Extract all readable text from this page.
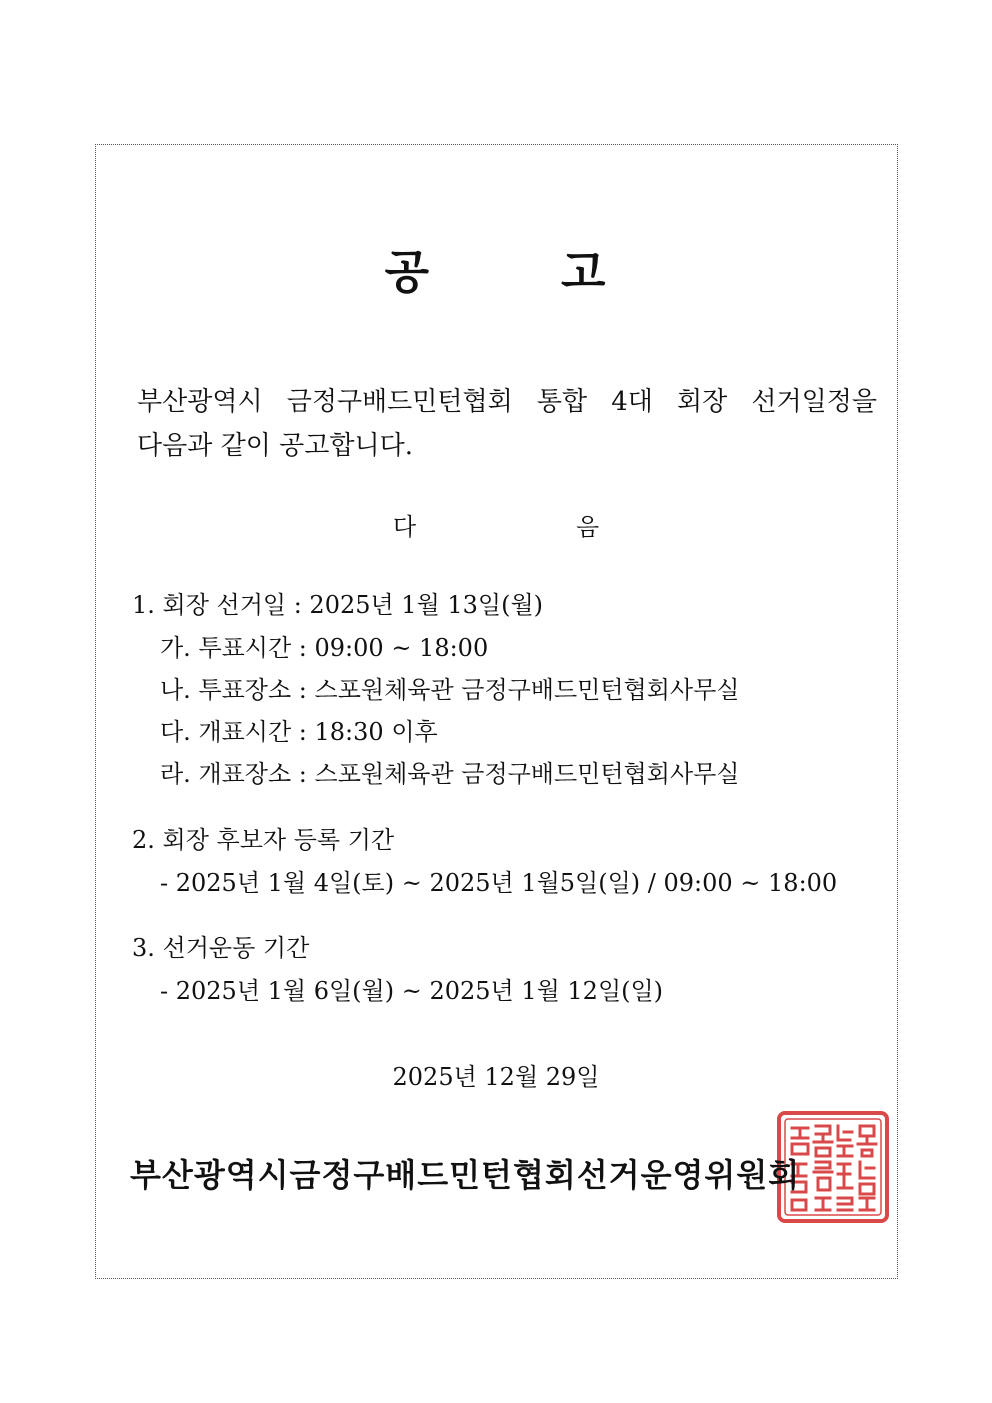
공	고
부산광역시 금정구배드민턴협회 통합 4대 회장 선거일정을
다음과 같이 공고합니다.
다	음
1. 회장 선거일 : 2025년 1월 13일(월)
가. 투표시간 : 09:00 ~ 18:00
나. 투표장소 : 스포원체육관 금정구배드민턴협회사무실
다. 개표시간 : 18:30 이후
라. 개표장소 : 스포원체육관 금정구배드민턴협회사무실
2. 회장 후보자 등록 기간
- 2025년 1월 4일(토) ~ 2025년 1월5일(일) / 09:00 ~ 18:00
3. 선거운동 기간
- 2025년 1월 6일(월) ~ 2025년 1월 12일(일)
2025년 12월 29일
부산광역시금정구배드민턴협회선거운영위원회
